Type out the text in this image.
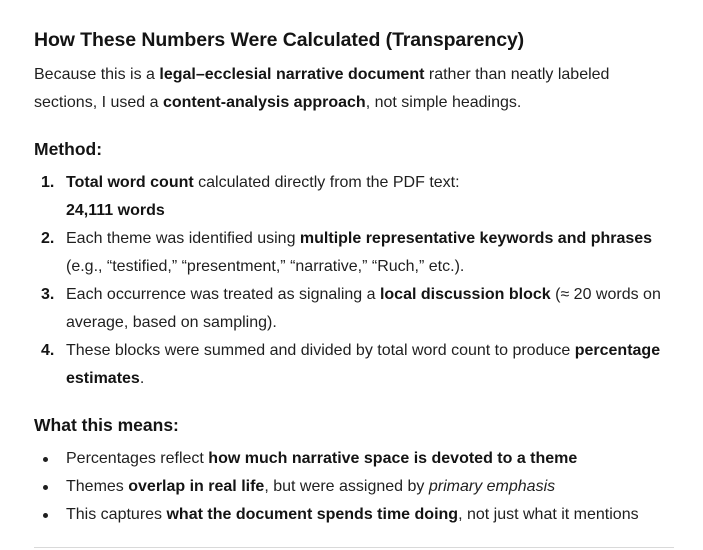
How These Numbers Were Calculated (Transparency)

Because this is a legal–ecclesial narrative document rather than neatly labeled sections, I used a content-analysis approach, not simple headings.

Method:
1. Total word count calculated directly from the PDF text:
24,111 words
2. Each theme was identified using multiple representative keywords and phrases (e.g., “testified,” “presentment,” “narrative,” “Ruch,” etc.).
3. Each occurrence was treated as signaling a local discussion block (≈ 20 words on average, based on sampling).
4. These blocks were summed and divided by total word count to produce percentage estimates.
What this means:
Percentages reflect how much narrative space is devoted to a theme
Themes overlap in real life, but were assigned by primary emphasis
This captures what the document spends time doing, not just what it mentions
